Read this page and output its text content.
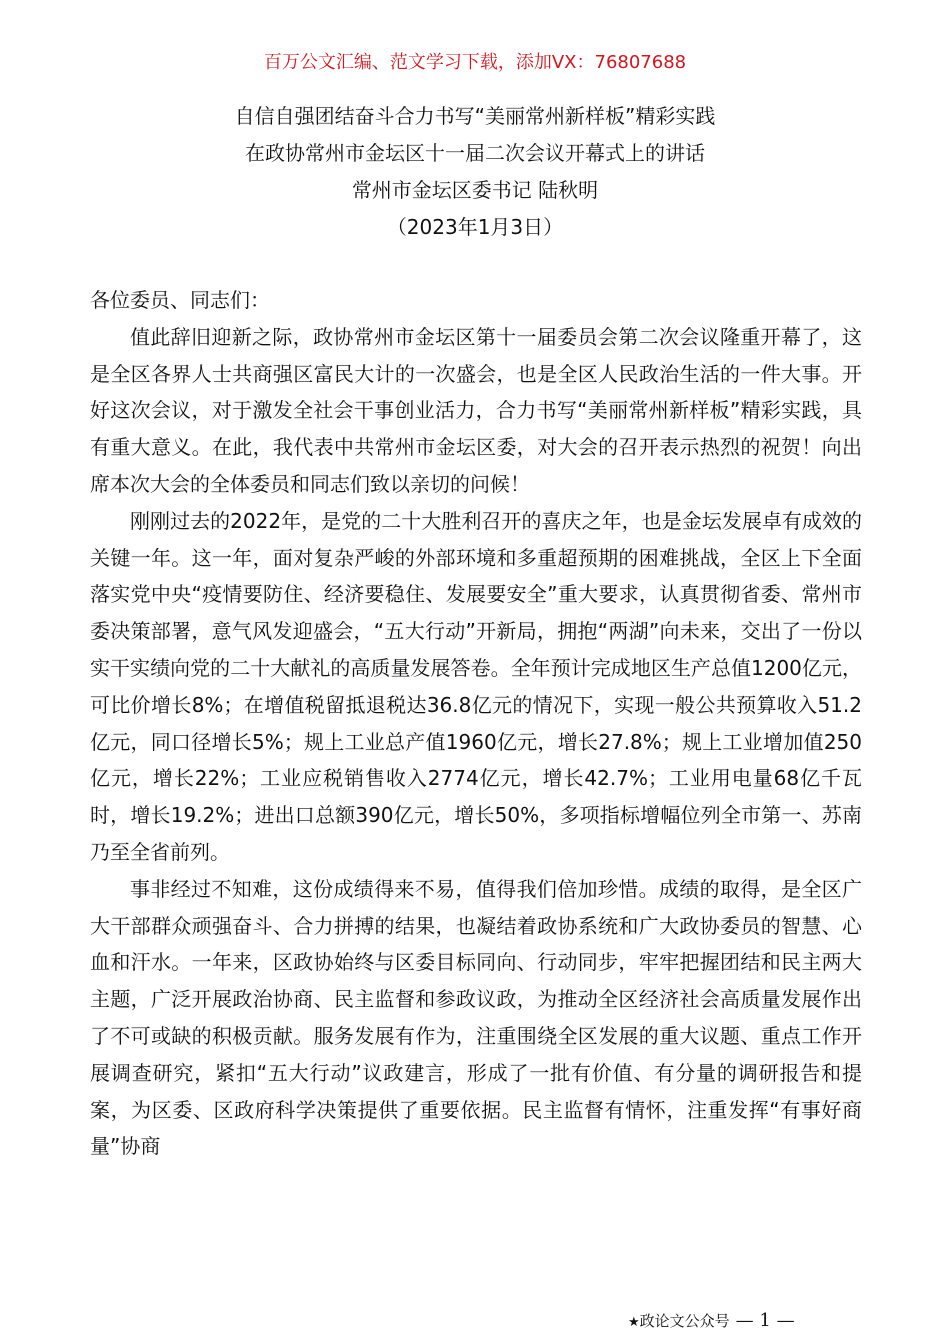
百万公文汇编、范文学习下载，添加VX：76807688
自信自强团结奋斗合力书写“美丽常州新样板”精彩实践
在政协常州市金坛区十一届二次会议开幕式上的讲话
常州市金坛区委书记 陆秋明
（2023年1月3日）

各位委员、同志们：

值此辞旧迎新之际，政协常州市金坛区第十一届委员会第二次会议隆重开幕了，这是全区各界人士共商强区富民大计的一次盛会，也是全区人民政治生活的一件大事。开好这次会议，对于激发全社会干事创业活力，合力书写“美丽常州新样板”精彩实践，具有重大意义。在此，我代表中共常州市金坛区委，对大会的召开表示热烈的祝贺！向出席本次大会的全体委员和同志们致以亲切的问候！

刚刚过去的2022年，是党的二十大胜利召开的喜庆之年，也是金坛发展卓有成效的关键一年。这一年，面对复杂严峻的外部环境和多重超预期的困难挑战，全区上下全面落实党中央“疫情要防住、经济要稳住、发展要安全”重大要求，认真贯彻省委、常州市委决策部署，意气风发迎盛会，“五大行动”开新局，拥抱“两湖”向未来，交出了一份以实干实绩向党的二十大献礼的高质量发展答卷。全年预计完成地区生产总值1200亿元，可比价增长8%；在增值税留抵退税达36.8亿元的情况下，实现一般公共预算收入51.2亿元，同口径增长5%；规上工业总产值1960亿元，增长27.8%；规上工业增加值250亿元，增长22%；工业应税销售收入2774亿元，增长42.7%；工业用电量68亿千瓦时，增长19.2%；进出口总额390亿元，增长50%，多项指标增幅位列全市第一、苏南乃至全省前列。

事非经过不知难，这份成绩得来不易，值得我们倍加珍惜。成绩的取得，是全区广大干部群众顽强奋斗、合力拼搏的结果，也凝结着政协系统和广大政协委员的智慧、心血和汗水。一年来，区政协始终与区委目标同向、行动同步，牢牢把握团结和民主两大主题，广泛开展政治协商、民主监督和参政议政，为推动全区经济社会高质量发展作出了不可或缺的积极贡献。服务发展有作为，注重围绕全区发展的重大议题、重点工作开展调查研究，紧扣“五大行动”议政建言，形成了一批有价值、有分量的调研报告和提案，为区委、区政府科学决策提供了重要依据。民主监督有情怀，注重发挥“有事好商量”协商

★政论文公众号 — 1 —
